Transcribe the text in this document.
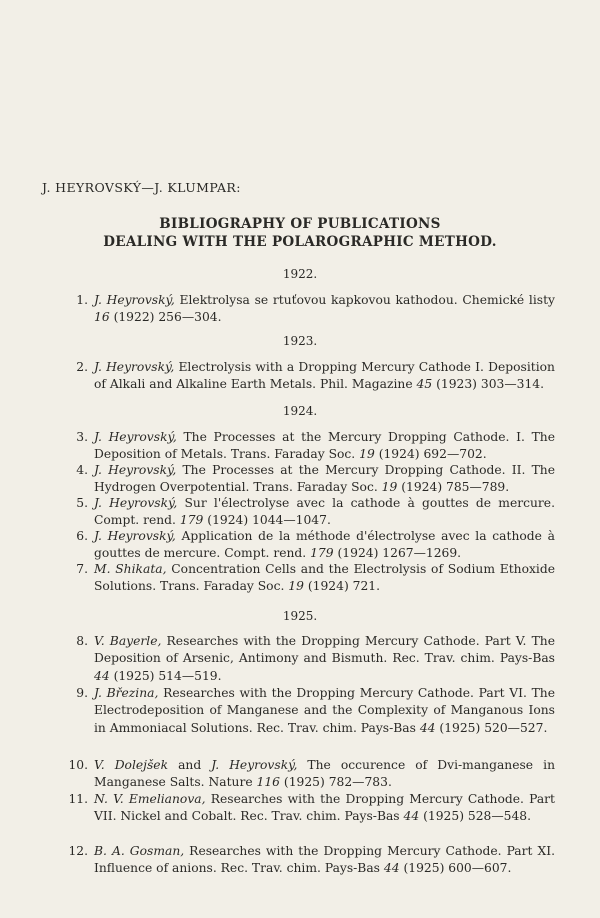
J. HEYROVSKÝ—J. KLUMPAR:
BIBLIOGRAPHY OF PUBLICATIONS
DEALING WITH THE POLAROGRAPHIC METHOD.
1922.
1. J. Heyrovský, Elektrolysa se rtuťovou kapkovou kathodou. Chemické listy 16 (1922) 256—304.
1923.
2. J. Heyrovský, Electrolysis with a Dropping Mercury Cathode I. Deposition of Alkali and Alkaline Earth Metals. Phil. Magazine 45 (1923) 303—314.
1924.
3. J. Heyrovský, The Processes at the Mercury Dropping Cathode. I. The Deposition of Metals. Trans. Faraday Soc. 19 (1924) 692—702.
4. J. Heyrovský, The Processes at the Mercury Dropping Cathode. II. The Hydrogen Overpotential. Trans. Faraday Soc. 19 (1924) 785—789.
5. J. Heyrovský, Sur l'électrolyse avec la cathode à gouttes de mercure. Compt. rend. 179 (1924) 1044—1047.
6. J. Heyrovský, Application de la méthode d'électrolyse avec la cathode à gouttes de mercure. Compt. rend. 179 (1924) 1267—1269.
7. M. Shikata, Concentration Cells and the Electrolysis of Sodium Ethoxide Solutions. Trans. Faraday Soc. 19 (1924) 721.
1925.
8. V. Bayerle, Researches with the Dropping Mercury Cathode. Part V. The Deposition of Arsenic, Antimony and Bismuth. Rec. Trav. chim. Pays-Bas 44 (1925) 514—519.
9. J. Březina, Researches with the Dropping Mercury Cathode. Part VI. The Electrodeposition of Manganese and the Complexity of Manganous Ions in Ammoniacal Solutions. Rec. Trav. chim. Pays-Bas 44 (1925) 520—527.
10. V. Dolejšek and J. Heyrovský, The occurence of Dvi-manganese in Manganese Salts. Nature 116 (1925) 782—783.
11. N. V. Emelianova, Researches with the Dropping Mercury Cathode. Part VII. Nickel and Cobalt. Rec. Trav. chim. Pays-Bas 44 (1925) 528—548.
12. B. A. Gosman, Researches with the Dropping Mercury Cathode. Part XI. Influence of anions. Rec. Trav. chim. Pays-Bas 44 (1925) 600—607.
